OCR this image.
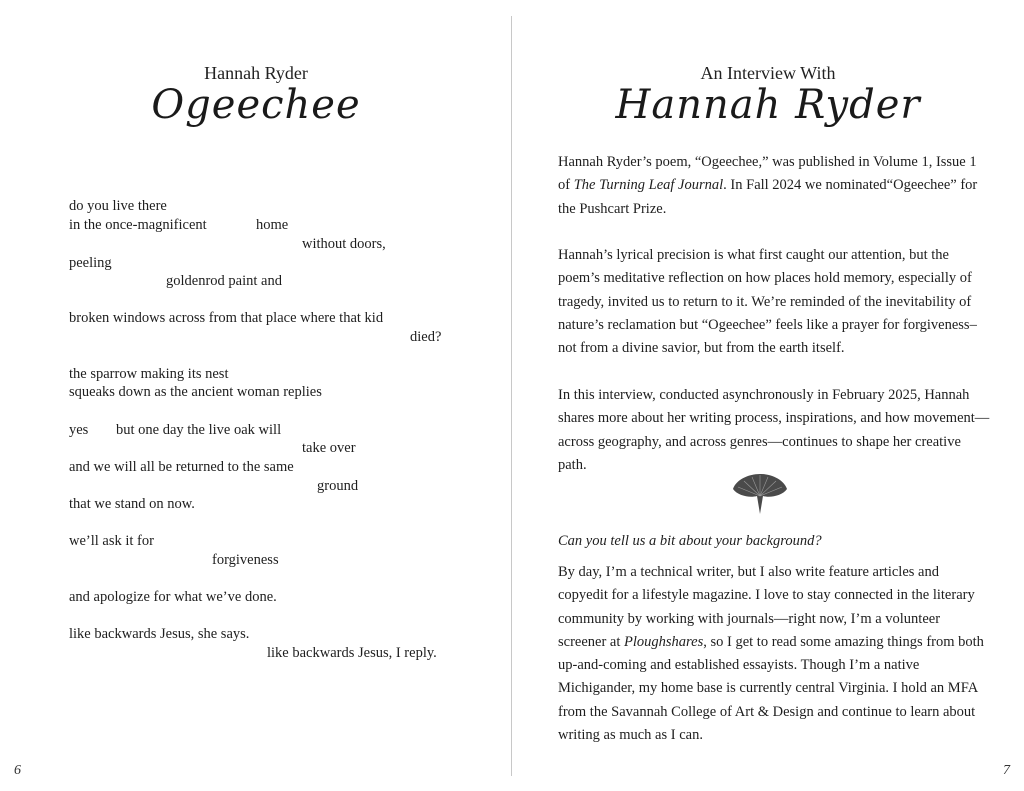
Hannah Ryder
Ogeechee
do you live there
in the once-magnificent	home
without doors,
peeling
goldenrod paint and
broken windows across from that place where that kid
died?
the sparrow making its nest
squeaks down as the ancient woman replies
yes but one day the live oak will
take over
and we will all be returned to the same
ground
that we stand on now.
we’ll ask it for
forgiveness
and apologize for what we’ve done.
like backwards Jesus, she says.
like backwards Jesus, I reply.
6
An Interview With
Hannah Ryder

Hannah Ryder’s poem, “Ogeechee,” was published in Volume 1, Issue 1 of The Turning Leaf Journal. In Fall 2024 we nominated“Ogeechee” for the Pushcart Prize.

Hannah’s lyrical precision is what first caught our attention, but the poem’s meditative reflection on how places hold memory, especially of tragedy, invited us to return to it. We’re reminded of the inevitability of nature’s reclamation but “Ogeechee” feels like a prayer for forgiveness–not from a divine savior, but from the earth itself.

In this interview, conducted asynchronously in February 2025, Hannah shares more about her writing process, inspirations, and how movement—across geography, and across genres—continues to shape her creative path.

Can you tell us a bit about your background?

By day, I’m a technical writer, but I also write feature articles and copyedit for a lifestyle magazine. I love to stay connected in the literary community by working with journals—right now, I’m a volunteer screener at Ploughshares, so I get to read some amazing things from both up-and-coming and established essayists. Though I’m a native Michigander, my home base is currently central Virginia. I hold an MFA from the Savannah College of Art & Design and continue to learn about writing as much as I can.

7
